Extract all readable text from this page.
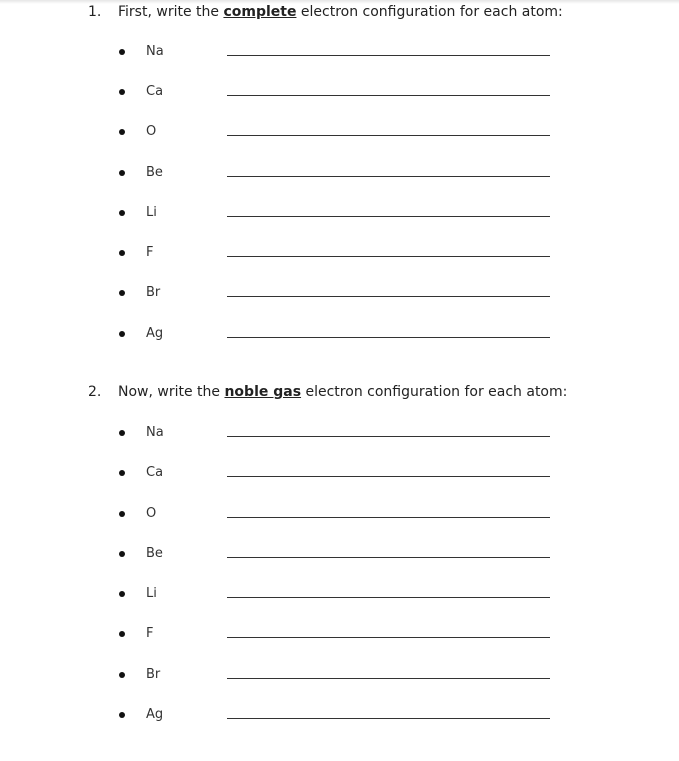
1. First, write the complete electron configuration for each atom:
Na
Ca
O
Be
Li
F
Br
Ag
2. Now, write the noble gas electron configuration for each atom:
Na
Ca
O
Be
Li
F
Br
Ag
